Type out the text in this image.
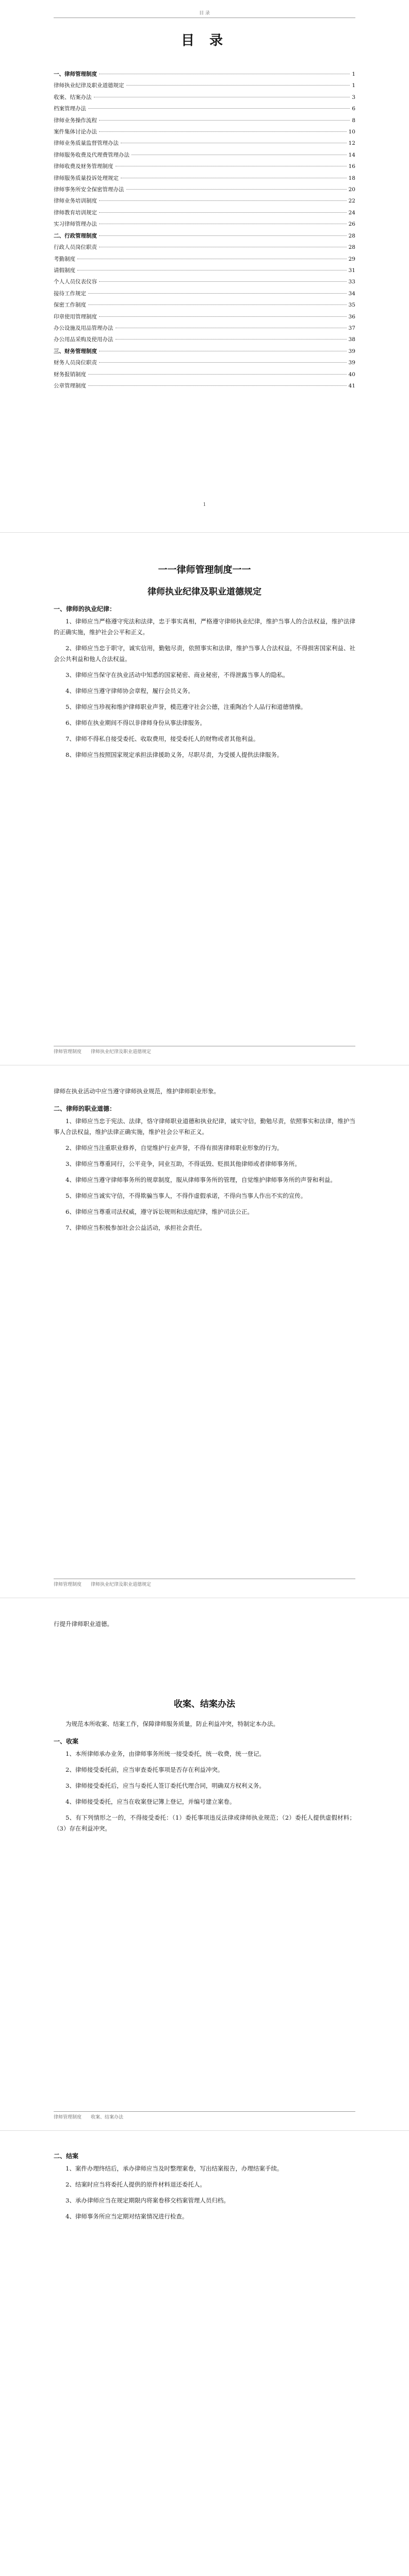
目 录
目 录
一、律师管理制度	1
律师执业纪律及职业道德规定	1
收案、结案办法	3
档案管理办法	6
律师业务操作流程	8
案件集体讨论办法	10
律师业务质量监督管理办法	12
律师服务收费及代理费管理办法	14
律师收费及财务管理制度	16
律师服务质量投诉处理规定	18
律师事务所安全保密管理办法	20
律师业务培训制度	22
律师教育培训规定	24
实习律师管理办法	26
二、行政管理制度	28
行政人员岗位职责	28
考勤制度	29
请假制度	31
个人人员仪表仪容	33
接待工作规定	34
保密工作制度	35
印章使用管理制度	36
办公设施及用品管理办法	37
办公用品采购及使用办法	38
三、财务管理制度	39
财务人员岗位职责	39
财务报销制度	40
公章管理制度	41
1
一一律师管理制度一一
律师执业纪律及职业道德规定
一、律师的执业纪律：

1、律师应当严格遵守宪法和法律，忠于事实真相，严格遵守律师执业纪律，维护当事人的合法权益，维护法律的正确实施，维护社会公平和正义。

2、律师应当忠于职守，诚实信用，勤勉尽责，依照事实和法律，维护当事人合法权益，不得损害国家利益、社会公共利益和他人合法权益。

3、律师应当保守在执业活动中知悉的国家秘密、商业秘密，不得泄露当事人的隐私。

4、律师应当遵守律师协会章程，履行会员义务。

5、律师应当珍视和维护律师职业声誉，模范遵守社会公德，注重陶冶个人品行和道德情操。

6、律师在执业期间不得以非律师身份从事法律服务。

7、律师不得私自接受委托、收取费用，接受委托人的财物或者其他利益。

8、律师应当按照国家规定承担法律援助义务，尽职尽责，为受援人提供法律服务。

律师管理制度 律师执业纪律及职业道德规定

律师在执业活动中应当遵守律师执业规范，维护律师职业形象。

二、律师的职业道德：

1、律师应当忠于宪法、法律，恪守律师职业道德和执业纪律，诚实守信，勤勉尽责，依照事实和法律，维护当事人合法权益，维护法律正确实施，维护社会公平和正义。

2、律师应当注重职业修养，自觉维护行业声誉，不得有损害律师职业形象的行为。

3、律师应当尊重同行，公平竞争，同业互助，不得诋毁、贬损其他律师或者律师事务所。

4、律师应当遵守律师事务所的规章制度，服从律师事务所的管理，自觉维护律师事务所的声誉和利益。

5、律师应当诚实守信，不得欺骗当事人，不得作虚假承诺，不得向当事人作出不实的宣传。

6、律师应当尊重司法权威，遵守诉讼规则和法庭纪律，维护司法公正。

7、律师应当积极参加社会公益活动，承担社会责任。

律师管理制度 律师执业纪律及职业道德规定

行提升律师职业道德。

收案、结案办法

为规范本所收案、结案工作，保障律师服务质量，防止利益冲突，特制定本办法。

一、收案

1、本所律师承办业务，由律师事务所统一接受委托，统一收费，统一登记。

2、律师接受委托前，应当审查委托事项是否存在利益冲突。

3、律师接受委托后，应当与委托人签订委托代理合同，明确双方权利义务。

4、律师接受委托，应当在收案登记簿上登记，并编号建立案卷。

5、有下列情形之一的，不得接受委托：（1）委托事项违反法律或律师执业规范；（2）委托人提供虚假材料；（3）存在利益冲突。

律师管理制度 收案、结案办法
二、结案

1、案件办理终结后，承办律师应当及时整理案卷，写出结案报告，办理结案手续。

2、结案时应当将委托人提供的原件材料退还委托人。

3、承办律师应当在规定期限内将案卷移交档案管理人员归档。

4、律师事务所应当定期对结案情况进行检查。
